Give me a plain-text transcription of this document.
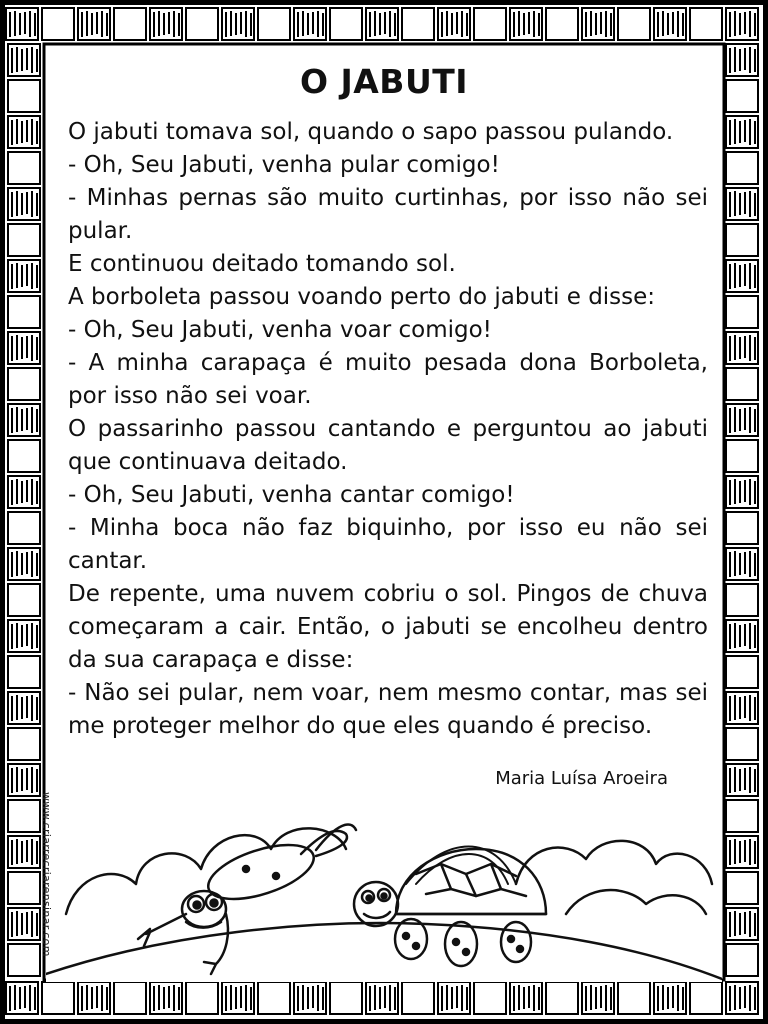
O JABUTI

O jabuti tomava sol, quando o sapo passou pulando.

- Oh, Seu Jabuti, venha pular comigo!

- Minhas pernas são muito curtinhas, por isso não sei pular.

E continuou deitado tomando sol.

A borboleta passou voando perto do jabuti e disse:

- Oh, Seu Jabuti, venha voar comigo!

- A minha carapaça é muito pesada dona Borboleta, por isso não sei voar.

O passarinho passou cantando e perguntou ao jabuti que continuava deitado.

- Oh, Seu Jabuti, venha cantar comigo!

- Minha boca não faz biquinho, por isso eu não sei cantar.

De repente, uma nuvem cobriu o sol. Pingos de chuva começaram a cair. Então, o jabuti se encolheu dentro da sua carapaça e disse:

- Não sei pular, nem voar, nem mesmo contar, mas sei me proteger melhor do que eles quando é preciso.

Maria Luísa Aroeira
www.criarrecriarensinar.com
